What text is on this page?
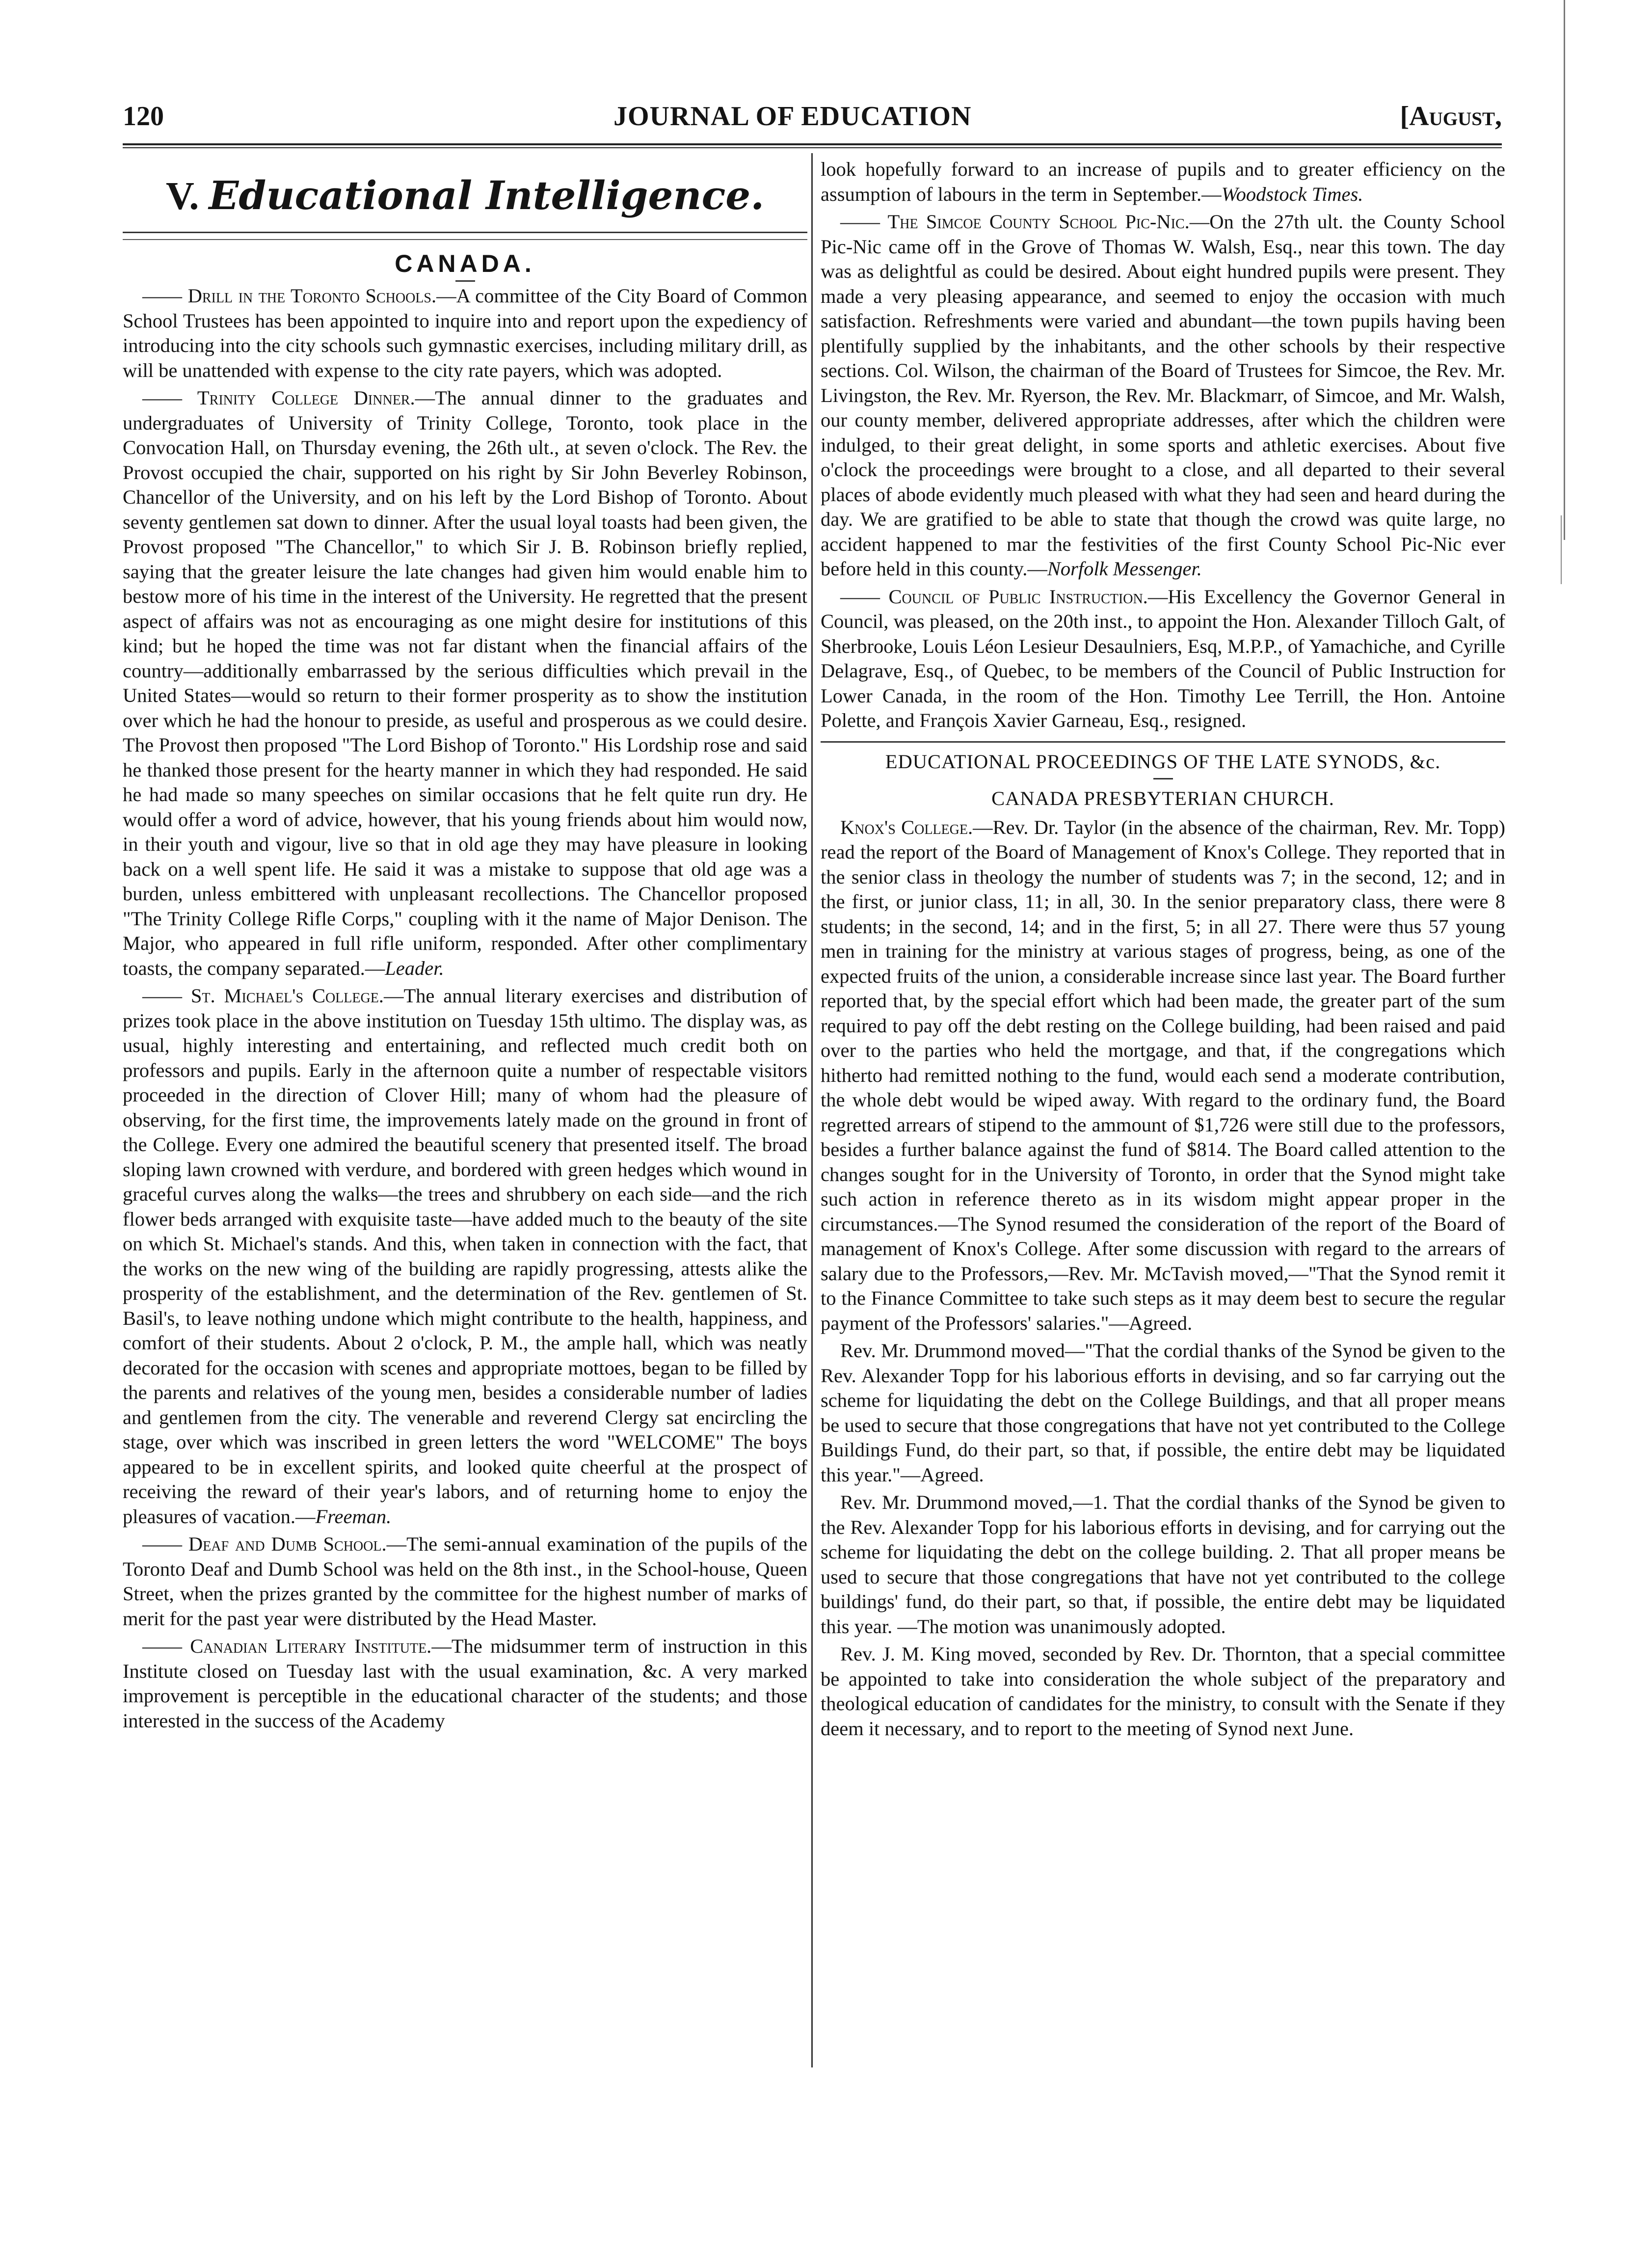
120	JOURNAL OF EDUCATION	[August,
V. Educational Intelligence.
CANADA.

—— Drill in the Toronto Schools.—A committee of the City Board of Common School Trustees has been appointed to inquire into and report upon the expediency of introducing into the city schools such gymnastic exercises, including military drill, as will be unattended with expense to the city rate payers, which was adopted.

—— Trinity College Dinner.—The annual dinner to the graduates and undergraduates of University of Trinity College, Toronto, took place in the Convocation Hall, on Thursday evening, the 26th ult., at seven o'clock. The Rev. the Provost occupied the chair, supported on his right by Sir John Beverley Robinson, Chancellor of the University, and on his left by the Lord Bishop of Toronto. About seventy gentlemen sat down to dinner. After the usual loyal toasts had been given, the Provost proposed "The Chancellor," to which Sir J. B. Robinson briefly replied, saying that the greater leisure the late changes had given him would enable him to bestow more of his time in the interest of the University. He regretted that the present aspect of affairs was not as encouraging as one might desire for institutions of this kind; but he hoped the time was not far distant when the financial affairs of the country—additionally embarrassed by the serious difficulties which prevail in the United States—would so return to their former prosperity as to show the institution over which he had the honour to preside, as useful and prosperous as we could desire. The Provost then proposed "The Lord Bishop of Toronto." His Lordship rose and said he thanked those present for the hearty manner in which they had responded. He said he had made so many speeches on similar occasions that he felt quite run dry. He would offer a word of advice, however, that his young friends about him would now, in their youth and vigour, live so that in old age they may have pleasure in looking back on a well spent life. He said it was a mistake to suppose that old age was a burden, unless embittered with unpleasant recollections. The Chancellor proposed "The Trinity College Rifle Corps," coupling with it the name of Major Denison. The Major, who appeared in full rifle uniform, responded. After other complimentary toasts, the company separated.—Leader.

—— St. Michael's College.—The annual literary exercises and distribution of prizes took place in the above institution on Tuesday 15th ultimo. The display was, as usual, highly interesting and entertaining, and reflected much credit both on professors and pupils. Early in the afternoon quite a number of respectable visitors proceeded in the direction of Clover Hill; many of whom had the pleasure of observing, for the first time, the improvements lately made on the ground in front of the College. Every one admired the beautiful scenery that presented itself. The broad sloping lawn crowned with verdure, and bordered with green hedges which wound in graceful curves along the walks—the trees and shrubbery on each side—and the rich flower beds arranged with exquisite taste—have added much to the beauty of the site on which St. Michael's stands. And this, when taken in connection with the fact, that the works on the new wing of the building are rapidly progressing, attests alike the prosperity of the establishment, and the determination of the Rev. gentlemen of St. Basil's, to leave nothing undone which might contribute to the health, happiness, and comfort of their students. About 2 o'clock, P. M., the ample hall, which was neatly decorated for the occasion with scenes and appropriate mottoes, began to be filled by the parents and relatives of the young men, besides a considerable number of ladies and gentlemen from the city. The venerable and reverend Clergy sat encircling the stage, over which was inscribed in green letters the word "WELCOME" The boys appeared to be in excellent spirits, and looked quite cheerful at the prospect of receiving the reward of their year's labors, and of returning home to enjoy the pleasures of vacation.—Freeman.

—— Deaf and Dumb School.—The semi-annual examination of the pupils of the Toronto Deaf and Dumb School was held on the 8th inst., in the School-house, Queen Street, when the prizes granted by the committee for the highest number of marks of merit for the past year were distributed by the Head Master.

—— Canadian Literary Institute.—The midsummer term of instruction in this Institute closed on Tuesday last with the usual examination, &c. A very marked improvement is perceptible in the educational character of the students; and those interested in the success of the Academy

look hopefully forward to an increase of pupils and to greater efficiency on the assumption of labours in the term in September.—Woodstock Times.

—— The Simcoe County School Pic-Nic.—On the 27th ult. the County School Pic-Nic came off in the Grove of Thomas W. Walsh, Esq., near this town. The day was as delightful as could be desired. About eight hundred pupils were present. They made a very pleasing appearance, and seemed to enjoy the occasion with much satisfaction. Refreshments were varied and abundant—the town pupils having been plentifully supplied by the inhabitants, and the other schools by their respective sections. Col. Wilson, the chairman of the Board of Trustees for Simcoe, the Rev. Mr. Livingston, the Rev. Mr. Ryerson, the Rev. Mr. Blackmarr, of Simcoe, and Mr. Walsh, our county member, delivered appropriate addresses, after which the children were indulged, to their great delight, in some sports and athletic exercises. About five o'clock the proceedings were brought to a close, and all departed to their several places of abode evidently much pleased with what they had seen and heard during the day. We are gratified to be able to state that though the crowd was quite large, no accident happened to mar the festivities of the first County School Pic-Nic ever before held in this county.—Norfolk Messenger.

—— Council of Public Instruction.—His Excellency the Governor General in Council, was pleased, on the 20th inst., to appoint the Hon. Alexander Tilloch Galt, of Sherbrooke, Louis Léon Lesieur Desaulniers, Esq, M.P.P., of Yamachiche, and Cyrille Delagrave, Esq., of Quebec, to be members of the Council of Public Instruction for Lower Canada, in the room of the Hon. Timothy Lee Terrill, the Hon. Antoine Polette, and François Xavier Garneau, Esq., resigned.

EDUCATIONAL PROCEEDINGS OF THE LATE SYNODS, &c.
CANADA PRESBYTERIAN CHURCH.

Knox's College.—Rev. Dr. Taylor (in the absence of the chairman, Rev. Mr. Topp) read the report of the Board of Management of Knox's College. They reported that in the senior class in theology the number of students was 7; in the second, 12; and in the first, or junior class, 11; in all, 30. In the senior preparatory class, there were 8 students; in the second, 14; and in the first, 5; in all 27. There were thus 57 young men in training for the ministry at various stages of progress, being, as one of the expected fruits of the union, a considerable increase since last year. The Board further reported that, by the special effort which had been made, the greater part of the sum required to pay off the debt resting on the College building, had been raised and paid over to the parties who held the mortgage, and that, if the congregations which hitherto had remitted nothing to the fund, would each send a moderate contribution, the whole debt would be wiped away. With regard to the ordinary fund, the Board regretted arrears of stipend to the ammount of $1,726 were still due to the professors, besides a further balance against the fund of $814. The Board called attention to the changes sought for in the University of Toronto, in order that the Synod might take such action in reference thereto as in its wisdom might appear proper in the circumstances.—The Synod resumed the consideration of the report of the Board of management of Knox's College. After some discussion with regard to the arrears of salary due to the Professors,—Rev. Mr. McTavish moved,—"That the Synod remit it to the Finance Committee to take such steps as it may deem best to secure the regular payment of the Professors' salaries."—Agreed.

Rev. Mr. Drummond moved—"That the cordial thanks of the Synod be given to the Rev. Alexander Topp for his laborious efforts in devising, and so far carrying out the scheme for liquidating the debt on the College Buildings, and that all proper means be used to secure that those congregations that have not yet contributed to the College Buildings Fund, do their part, so that, if possible, the entire debt may be liquidated this year."—Agreed.

Rev. Mr. Drummond moved,—1. That the cordial thanks of the Synod be given to the Rev. Alexander Topp for his laborious efforts in devising, and for carrying out the scheme for liquidating the debt on the college building. 2. That all proper means be used to secure that those congregations that have not yet contributed to the college buildings' fund, do their part, so that, if possible, the entire debt may be liquidated this year. —The motion was unanimously adopted.

Rev. J. M. King moved, seconded by Rev. Dr. Thornton, that a special committee be appointed to take into consideration the whole subject of the preparatory and theological education of candidates for the ministry, to consult with the Senate if they deem it necessary, and to report to the meeting of Synod next June.
